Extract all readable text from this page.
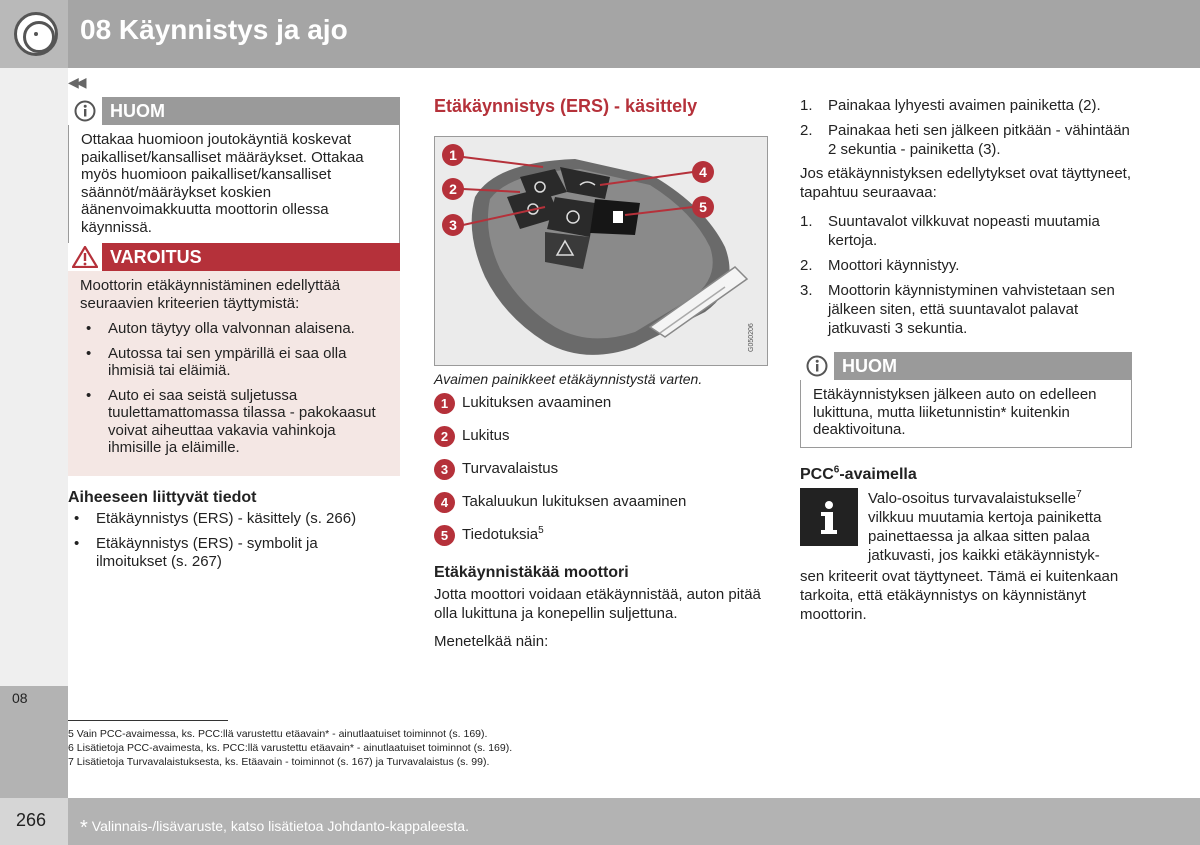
08 Käynnistys ja ajo
08
◀◀
HUOM
Ottakaa huomioon joutokäyntiä koskevat paikalliset/kansalliset määräykset. Ottakaa myös huomioon paikalliset/kansalliset säännöt/määräykset koskien äänenvoimakkuutta moottorin ollessa käynnissä.
VAROITUS
Moottorin etäkäynnistäminen edellyttää seuraavien kriteerien täyttymistä:
• Auton täytyy olla valvonnan alaisena.
• Autossa tai sen ympärillä ei saa olla ihmisiä tai eläimiä.
• Auto ei saa seistä suljetussa tuulettamattomassa tilassa - pakokaasut voivat aiheuttaa vakavia vahinkoja ihmisille ja eläimille.
Aiheeseen liittyvät tiedot
• Etäkäynnistys (ERS) - käsittely (s. 266)
• Etäkäynnistys (ERS) - symbolit ja ilmoitukset (s. 267)
Etäkäynnistys (ERS) - käsittely
1
2
3
4
5
G050206
Avaimen painikkeet etäkäynnistystä varten.
1 Lukituksen avaaminen
2 Lukitus
3 Turvavalaistus
4 Takaluukun lukituksen avaaminen
5 Tiedotuksia$^5$
Etäkäynnistäkää moottori
Jotta moottori voidaan etäkäynnistää, auton pitää olla lukittuna ja konepellin suljettuna.
Menetelkää näin:
1. Painakaa lyhyesti avaimen painiketta (2).
2. Painakaa heti sen jälkeen pitkään - vähintään 2 sekuntia - painiketta (3).
Jos etäkäynnistyksen edellytykset ovat täyttyneet, tapahtuu seuraavaa:
1. Suuntavalot vilkkuvat nopeasti muutamia kertoja.
2. Moottori käynnistyy.
3. Moottorin käynnistyminen vahvistetaan sen jälkeen siten, että suuntavalot palavat jatkuvasti 3 sekuntia.
HUOM
Etäkäynnistyksen jälkeen auto on edelleen lukittuna, mutta liiketunnistin* kuitenkin deaktivoituna.
PCC$^6$-avaimella
Valo-osoitus turvavalaistukselle$^7$
vilkkuu muutamia kertoja painiketta
painettaessa ja alkaa sitten palaa
jatkuvasti, jos kaikki etäkäynnistyk-
sen kriteerit ovat täyttyneet. Tämä ei kuitenkaan tarkoita, että etäkäynnistys on käynnistänyt moottorin.
5 Vain PCC-avaimessa, ks. PCC:llä varustettu etäavain* - ainutlaatuiset toiminnot (s. 169).
6 Lisätietoja PCC-avaimesta, ks. PCC:llä varustettu etäavain* - ainutlaatuiset toiminnot (s. 169).
7 Lisätietoja Turvavalaistuksesta, ks. Etäavain - toiminnot (s. 167) ja Turvavalaistus (s. 99).
266 * Valinnais-/lisävaruste, katso lisätietoa Johdanto-kappaleesta.
